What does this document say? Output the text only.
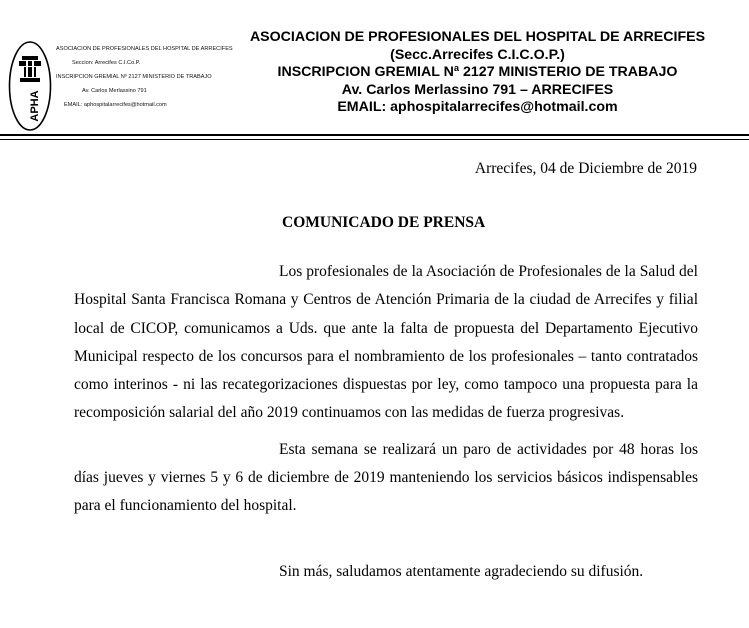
APHA
ASOCIACION DE PROFESIONALES DEL HOSPITAL DE ARRECIFES
Seccion: Arrecifes C.I.Co.P.
INSCRIPCION GREMIAL Nº 2127 MINISTERIO DE TRABAJO
Av. Carlos Merlassino 791
EMAIL: aphospitalarrecifes@hotmail.com
ASOCIACION DE PROFESIONALES DEL HOSPITAL DE ARRECIFES
(Secc.Arrecifes C.I.C.O.P.)
INSCRIPCION GREMIAL Nª 2127 MINISTERIO DE TRABAJO
Av. Carlos Merlassino 791 – ARRECIFES
EMAIL: aphospitalarrecifes@hotmail.com
Arrecifes, 04 de Diciembre de 2019
COMUNICADO DE PRENSA

Los profesionales de la Asociación de Profesionales de la Salud del Hospital Santa Francisca Romana y Centros de Atención Primaria de la ciudad de Arrecifes y filial local de CICOP, comunicamos a Uds. que ante la falta de propuesta del Departamento Ejecutivo Municipal respecto de los concursos para el nombramiento de los profesionales – tanto contratados como interinos - ni las recategorizaciones dispuestas por ley, como tampoco una propuesta para la recomposición salarial del año 2019 continuamos con las medidas de fuerza progresivas.

Esta semana se realizará un paro de actividades por 48 horas los días jueves y viernes 5 y 6 de diciembre de 2019 manteniendo los servicios básicos indispensables para el funcionamiento del hospital.

Sin más, saludamos atentamente agradeciendo su difusión.
